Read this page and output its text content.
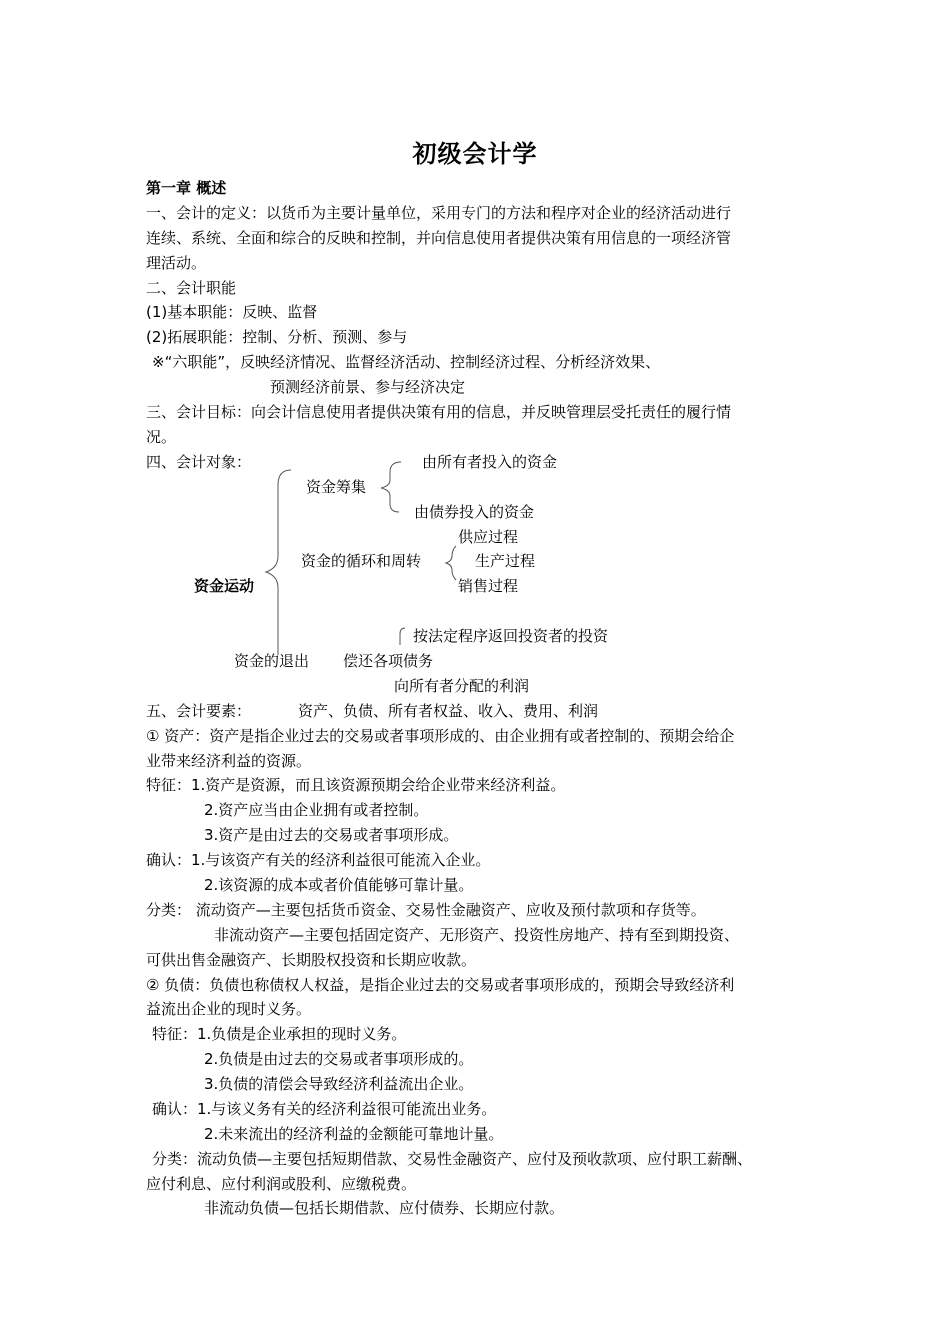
初级会计学
第一章 概述
一、会计的定义：以货币为主要计量单位，采用专门的方法和程序对企业的经济活动进行
连续、系统、全面和综合的反映和控制，并向信息使用者提供决策有用信息的一项经济管
理活动。
二、会计职能
(1)基本职能：反映、监督
(2)拓展职能：控制、分析、预测、参与
※“六职能”，反映经济情况、监督经济活动、控制经济过程、分析经济效果、
预测经济前景、参与经济决定
三、会计目标：向会计信息使用者提供决策有用的信息，并反映管理层受托责任的履行情
况。
四、会计对象：	由所有者投入的资金
资金筹集
由债券投入的资金
供应过程
资金的循环和周转	生产过程
资金运动	销售过程
按法定程序返回投资者的投资
资金的退出 偿还各项债务
向所有者分配的利润
五、会计要素：	资产、负债、所有者权益、收入、费用、利润
① 资产：资产是指企业过去的交易或者事项形成的、由企业拥有或者控制的、预期会给企
业带来经济利益的资源。
特征：1.资产是资源，而且该资源预期会给企业带来经济利益。
2.资产应当由企业拥有或者控制。
3.资产是由过去的交易或者事项形成。
确认：1.与该资产有关的经济利益很可能流入企业。
2.该资源的成本或者价值能够可靠计量。
分类： 流动资产—主要包括货币资金、交易性金融资产、应收及预付款项和存货等。
非流动资产—主要包括固定资产、无形资产、投资性房地产、持有至到期投资、
可供出售金融资产、长期股权投资和长期应收款。
② 负债：负债也称债权人权益，是指企业过去的交易或者事项形成的，预期会导致经济利
益流出企业的现时义务。
特征：1.负债是企业承担的现时义务。
2.负债是由过去的交易或者事项形成的。
3.负债的清偿会导致经济利益流出企业。
确认：1.与该义务有关的经济利益很可能流出业务。
2.未来流出的经济利益的金额能可靠地计量。
分类：流动负债—主要包括短期借款、交易性金融资产、应付及预收款项、应付职工薪酬、
应付利息、应付利润或股利、应缴税费。
非流动负债—包括长期借款、应付债券、长期应付款。
